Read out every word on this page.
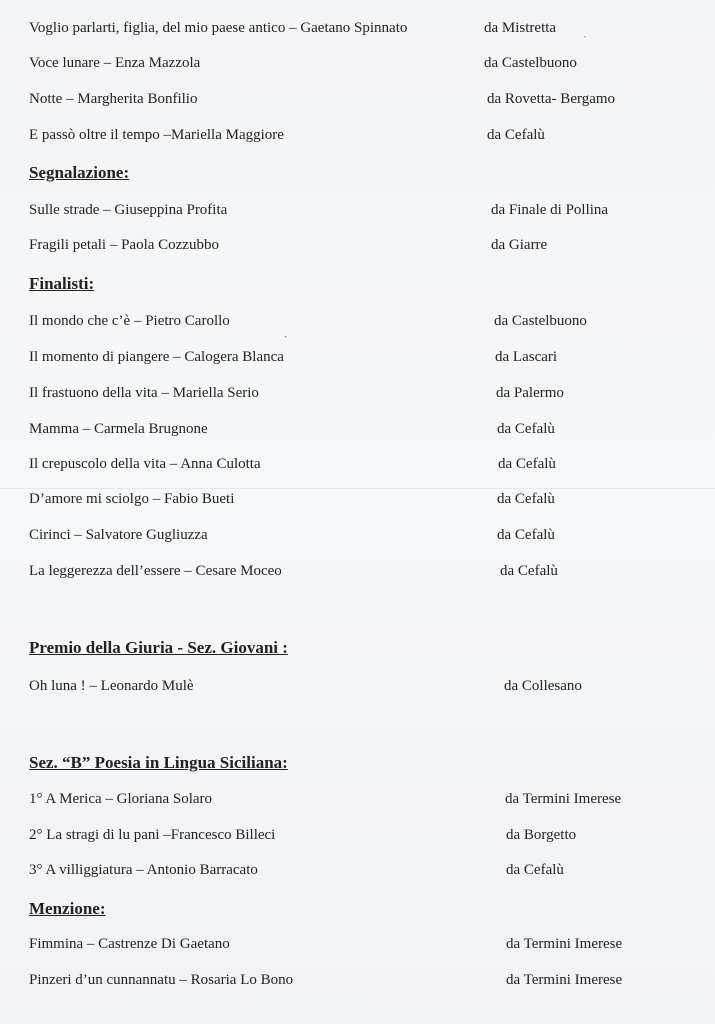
ˎ
ˏ
Voglio parlarti, figlia, del mio paese antico – Gaetano Spinnato	da Mistretta
Voce lunare – Enza Mazzola	da Castelbuono
Notte – Margherita Bonfilio	da Rovetta- Bergamo
E passò oltre il tempo –Mariella Maggiore	da Cefalù
Segnalazione:
Sulle strade – Giuseppina Profita	da Finale di Pollina
Fragili petali – Paola Cozzubbo	da Giarre
Finalisti:
Il mondo che c’è – Pietro Carollo	da Castelbuono
Il momento di piangere – Calogera Blanca	da Lascari
Il frastuono della vita – Mariella Serio	da Palermo
Mamma – Carmela Brugnone	da Cefalù
Il crepuscolo della vita – Anna Culotta	da Cefalù
D’amore mi sciolgo – Fabio Bueti	da Cefalù
Cirinci – Salvatore Gugliuzza	da Cefalù
La leggerezza dell’essere – Cesare Moceo	da Cefalù
Premio della Giuria - Sez. Giovani :
Oh luna ! – Leonardo Mulè	da Collesano
Sez. “B” Poesia in Lingua Siciliana:
1° A Merica – Gloriana Solaro	da Termini Imerese
2° La stragi di lu pani –Francesco Billeci	da Borgetto
3° A villiggiatura – Antonio Barracato	da Cefalù
Menzione:
Fimmina – Castrenze Di Gaetano	da Termini Imerese
Pinzeri d’un cunnannatu – Rosaria Lo Bono	da Termini Imerese
